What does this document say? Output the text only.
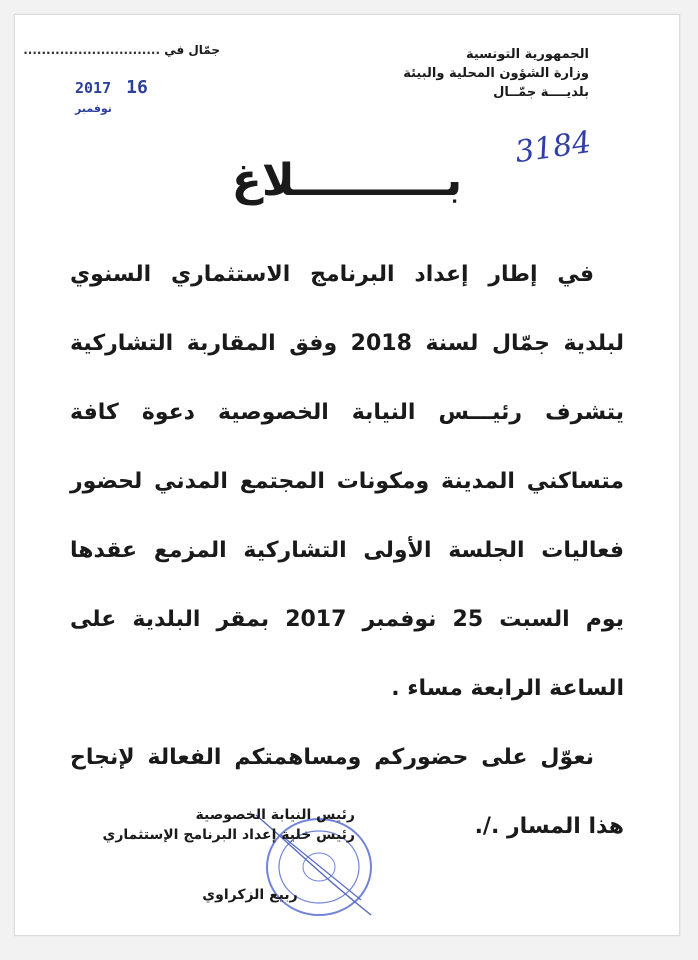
الجمهورية التونسية
وزارة الشؤون المحلية والبيئة
بلديــــة جمّــال
جمّال في ..............................
2017 16 نوفمبر
3184
بــــــــــلاغ

في إطار إعداد البرنامج الاستثماري السنوي لبلدية جمّال لسنة 2018 وفق المقاربة التشاركية يتشرف رئيـــس النيابة الخصوصية دعوة كافة متساكني المدينة ومكونات المجتمع المدني لحضور فعاليات الجلسة الأولى التشاركية المزمع عقدها يوم السبت 25 نوفمبر 2017 بمقر البلدية على الساعة الرابعة مساء .

نعوّل على حضوركم ومساهمتكم الفعالة لإنجاح هذا المسار ./.

رئيس النيابة الخصوصية
رئيس خلية إعداد البرنامج الإستثماري
ربيع الزكراوي
